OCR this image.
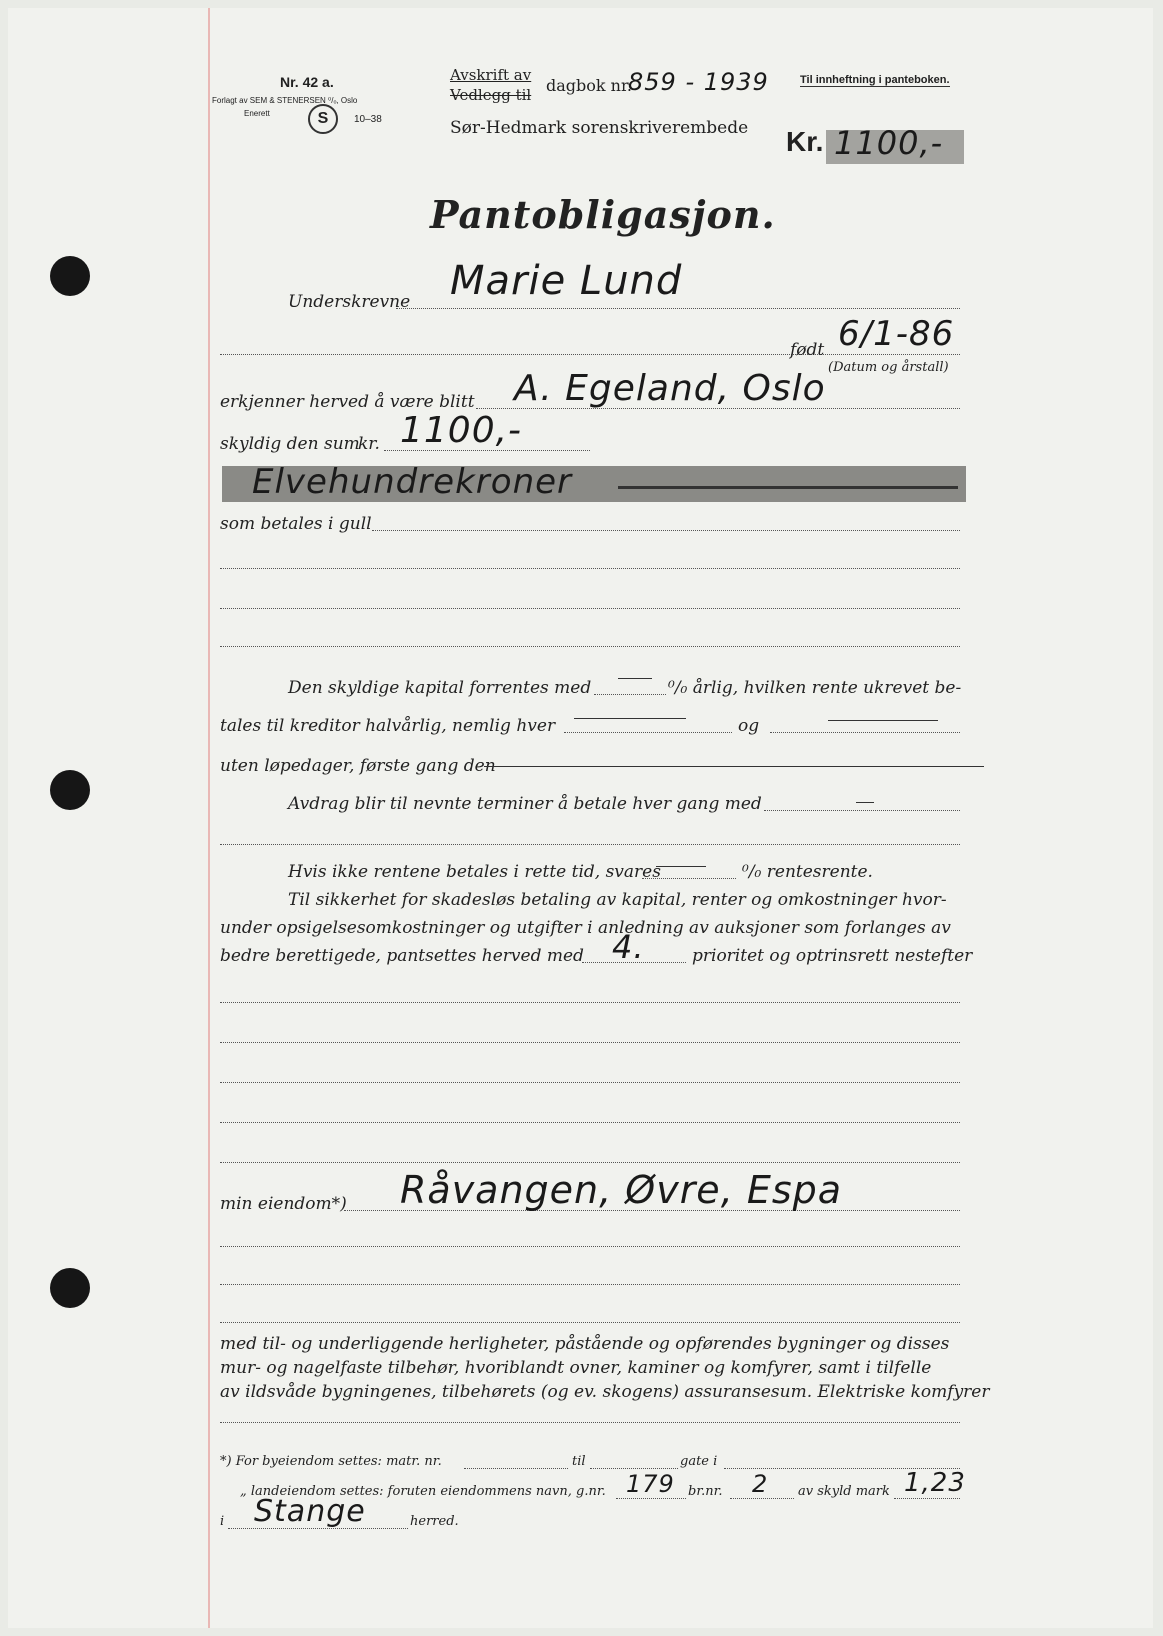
Nr. 42 a.
Forlagt av SEM & STENERSEN ⁰/ₒ, Oslo
Enerett	S	10–38
Avskrift av
Vedlegg til dagbok nr.
859 - 1939	Til innheftning i panteboken.
Sør-Hedmark sorenskriverembede Kr. 1100,-
Pantobligasjon.
Underskrevne Marie Lund
født 6/1-86
(Datum og årstall)
erkjenner herved å være blitt A. Egeland, Oslo
skyldig den sum
kr. 1100,-
Elvehundrekroner
som betales i gull
Den skyldige kapital forrentes med	⁰/₀ årlig, hvilken rente ukrevet be-
tales til kreditor halvårlig, nemlig hver	og
uten løpedager, første gang den
Avdrag blir til nevnte terminer å betale hver gang med
Hvis ikke rentene betales i rette tid, svares	⁰/₀ rentesrente.
Til sikkerhet for skadesløs betaling av kapital, renter og omkostninger hvor-
under opsigelsesomkostninger og utgifter i anledning av auksjoner som forlanges av
bedre berettigede, pantsettes herved med 4.	prioritet og optrinsrett nestefter
min eiendom*) Råvangen, Øvre, Espa
med til- og underliggende herligheter, påstående og opførendes bygninger og disses
mur- og nagelfaste tilbehør, hvoriblandt ovner, kaminer og komfyrer, samt i tilfelle
av ildsvåde bygningenes, tilbehørets (og ev. skogens) assuransesum. Elektriske komfyrer
*) For byeiendom settes: matr. nr.	til	gate i
„ landeiendom settes: foruten eiendommens navn, g.nr. 179 br.nr. 2 av skyld mark 1,23
i Stange	herred.
